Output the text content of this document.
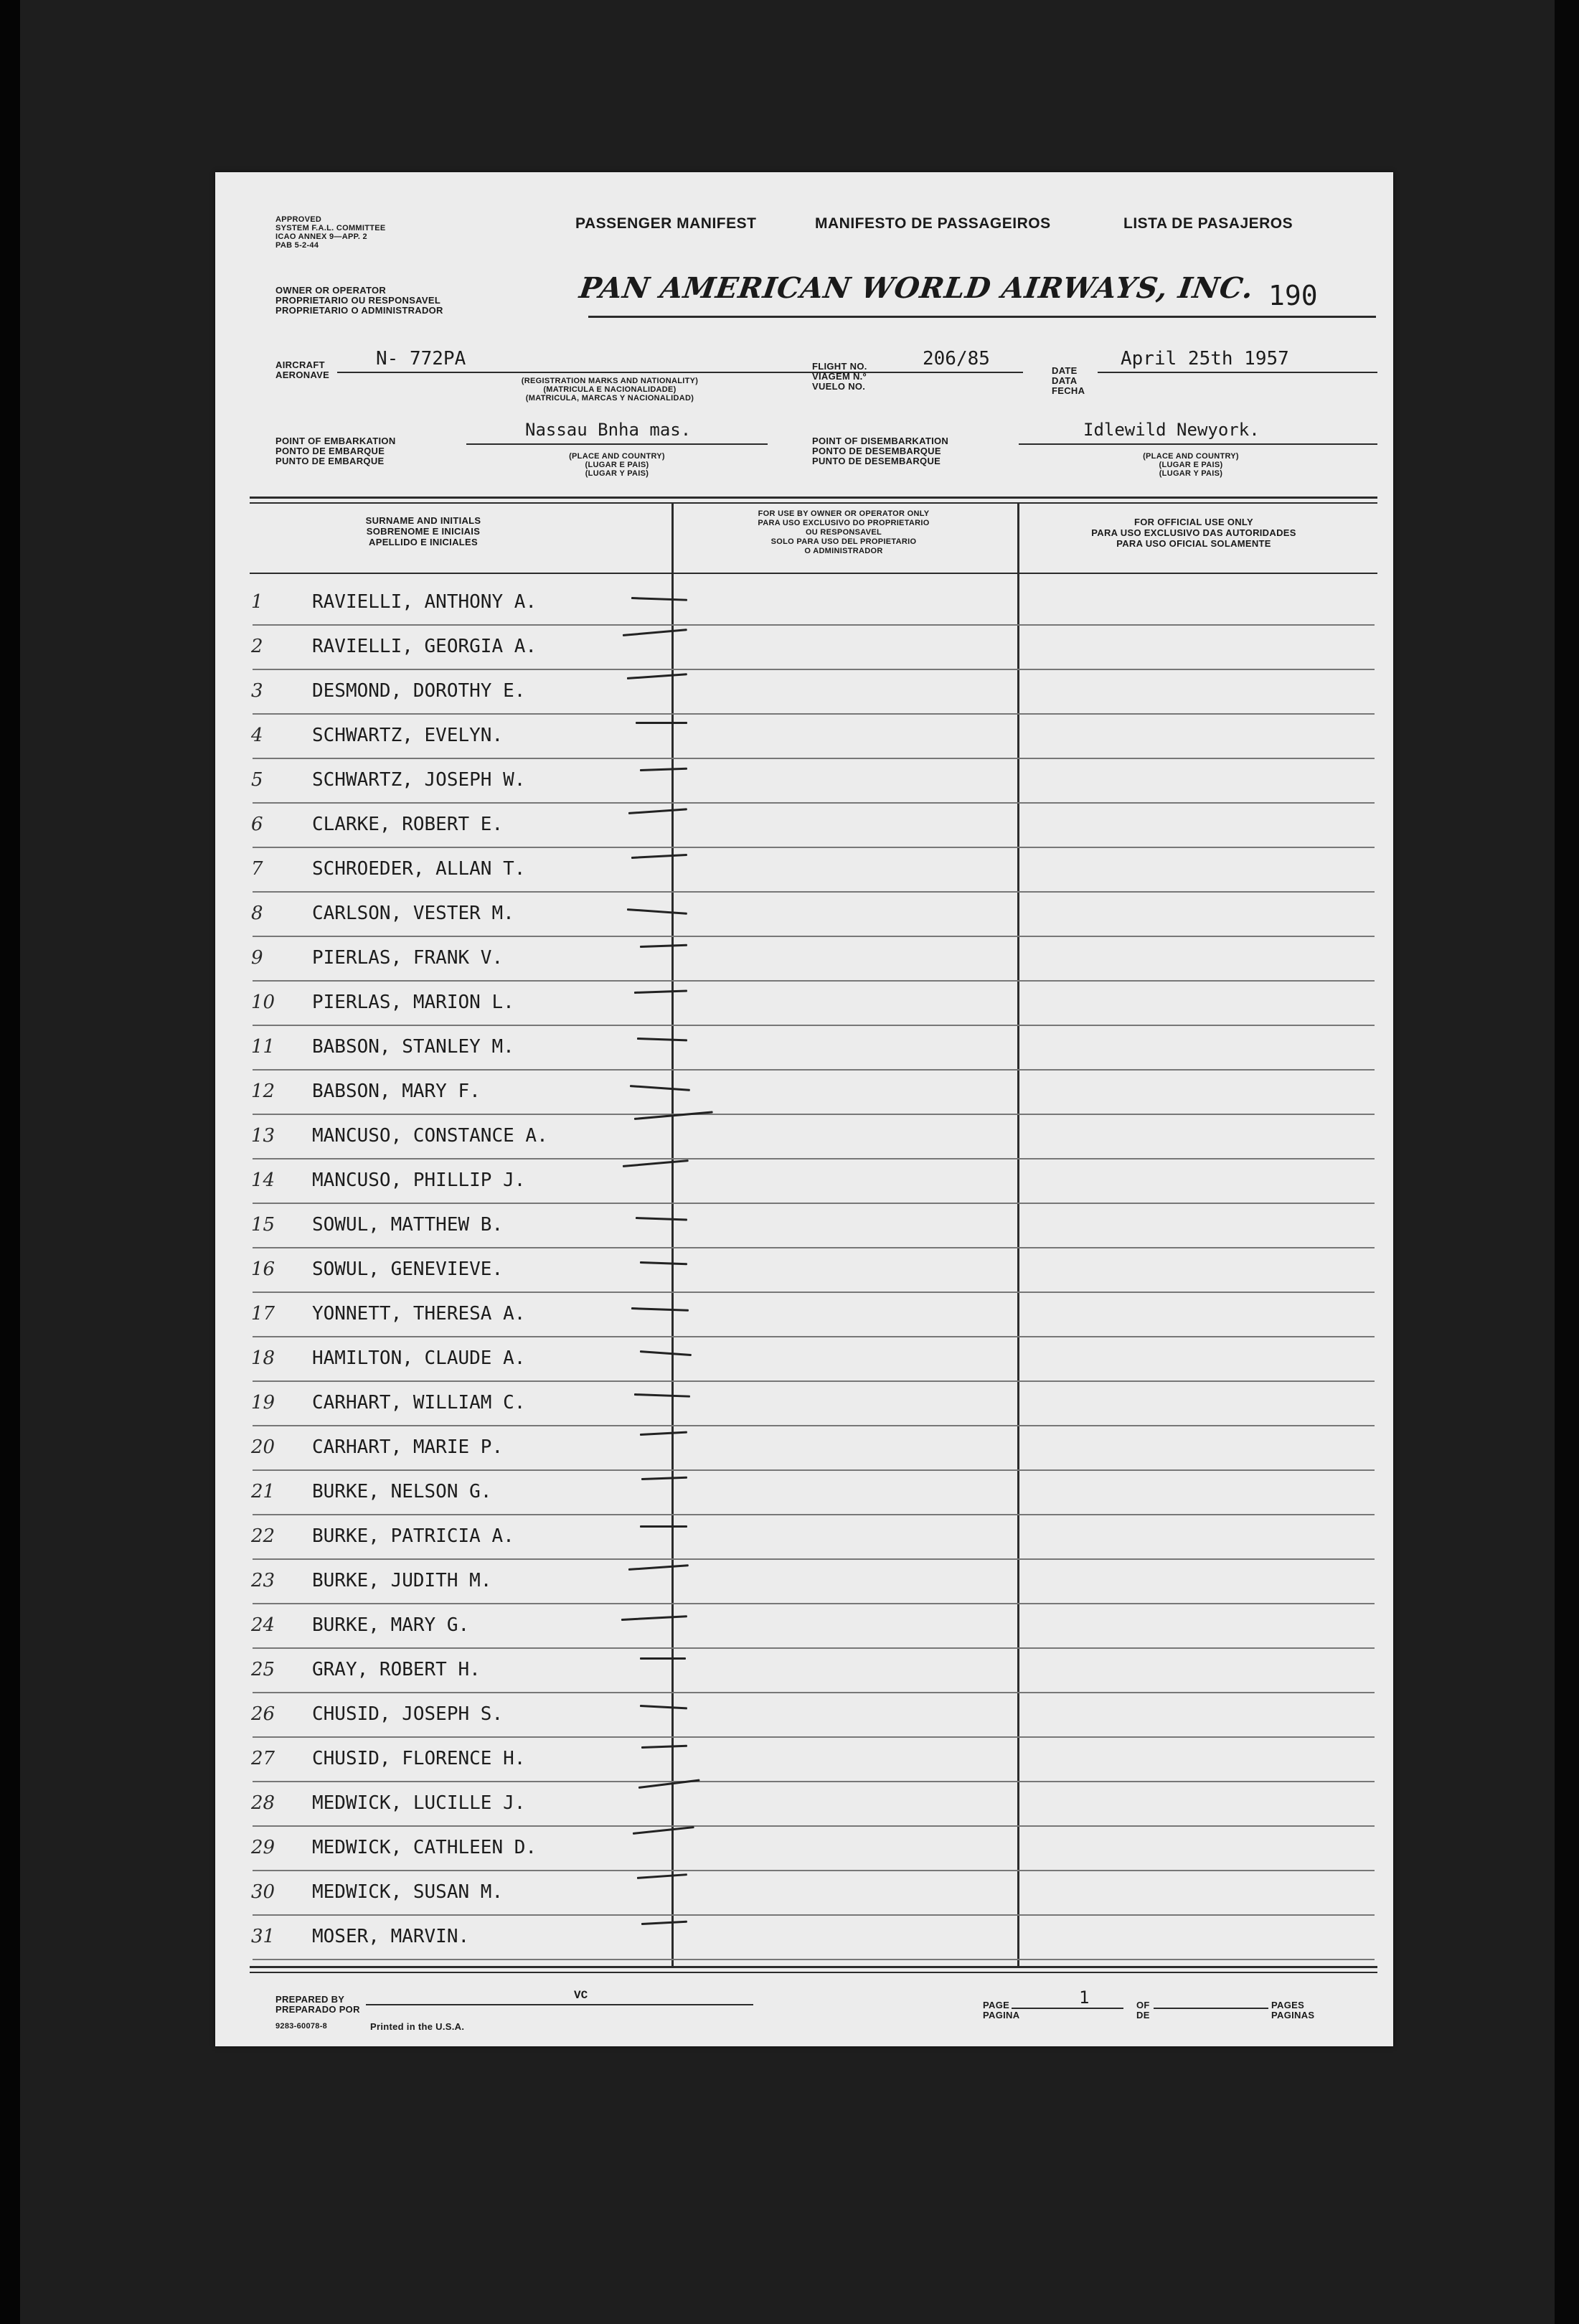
APPROVED
SYSTEM F.A.L. COMMITTEE
ICAO ANNEX 9—APP. 2
PAB 5-2-44
PASSENGER MANIFEST	MANIFESTO DE PASSAGEIROS	LISTA DE PASAJEROS
OWNER OR OPERATOR
PROPRIETARIO OU RESPONSAVEL
PROPRIETARIO O ADMINISTRADOR
PAN AMERICAN WORLD AIRWAYS, INC. 190
AIRCRAFT
AERONAVE
N- 772PA
(REGISTRATION MARKS AND NATIONALITY)
(MATRICULA E NACIONALIDADE)
(MATRICULA, MARCAS Y NACIONALIDAD)
FLIGHT NO.
VIAGEM N.º
VUELO NO.
206/85
DATE
DATA
FECHA
April 25th 1957
POINT OF EMBARKATION
PONTO DE EMBARQUE
PUNTO DE EMBARQUE
Nassau Bnha mas.
(PLACE AND COUNTRY)
(LUGAR E PAIS)
(LUGAR Y PAIS)
POINT OF DISEMBARKATION
PONTO DE DESEMBARQUE
PUNTO DE DESEMBARQUE
Idlewild Newyork.
(PLACE AND COUNTRY)
(LUGAR E PAIS)
(LUGAR Y PAIS)
SURNAME AND INITIALS
SOBRENOME E INICIAIS
APELLIDO E INICIALES
FOR USE BY OWNER OR OPERATOR ONLY
PARA USO EXCLUSIVO DO PROPRIETARIO
OU RESPONSAVEL
SOLO PARA USO DEL PROPIETARIO
O ADMINISTRADOR
FOR OFFICIAL USE ONLY
PARA USO EXCLUSIVO DAS AUTORIDADES
PARA USO OFICIAL SOLAMENTE
1	RAVIELLI, ANTHONY A.
2	RAVIELLI, GEORGIA A.
3	DESMOND, DOROTHY E.
4	SCHWARTZ, EVELYN.
5	SCHWARTZ, JOSEPH W.
6	CLARKE, ROBERT E.
7	SCHROEDER, ALLAN T.
8	CARLSON, VESTER M.
9	PIERLAS, FRANK V.
10 PIERLAS, MARION L.
11 BABSON, STANLEY M.
12 BABSON, MARY F.
13 MANCUSO, CONSTANCE A.
14 MANCUSO, PHILLIP J.
15 SOWUL, MATTHEW B.
16 SOWUL, GENEVIEVE.
17 YONNETT, THERESA A.
18 HAMILTON, CLAUDE A.
19 CARHART, WILLIAM C.
20 CARHART, MARIE P.
21 BURKE, NELSON G.
22 BURKE, PATRICIA A.
23 BURKE, JUDITH M.
24 BURKE, MARY G.
25 GRAY, ROBERT H.
26 CHUSID, JOSEPH S.
27 CHUSID, FLORENCE H.
28 MEDWICK, LUCILLE J.
29 MEDWICK, CATHLEEN D.
30 MEDWICK, SUSAN M.
31 MOSER, MARVIN.
PREPARED BY
PREPARADO POR
VC
9283-60078-8	Printed in the U.S.A.
PAGE
PAGINA
1	OF
DE
PAGES
PAGINAS
